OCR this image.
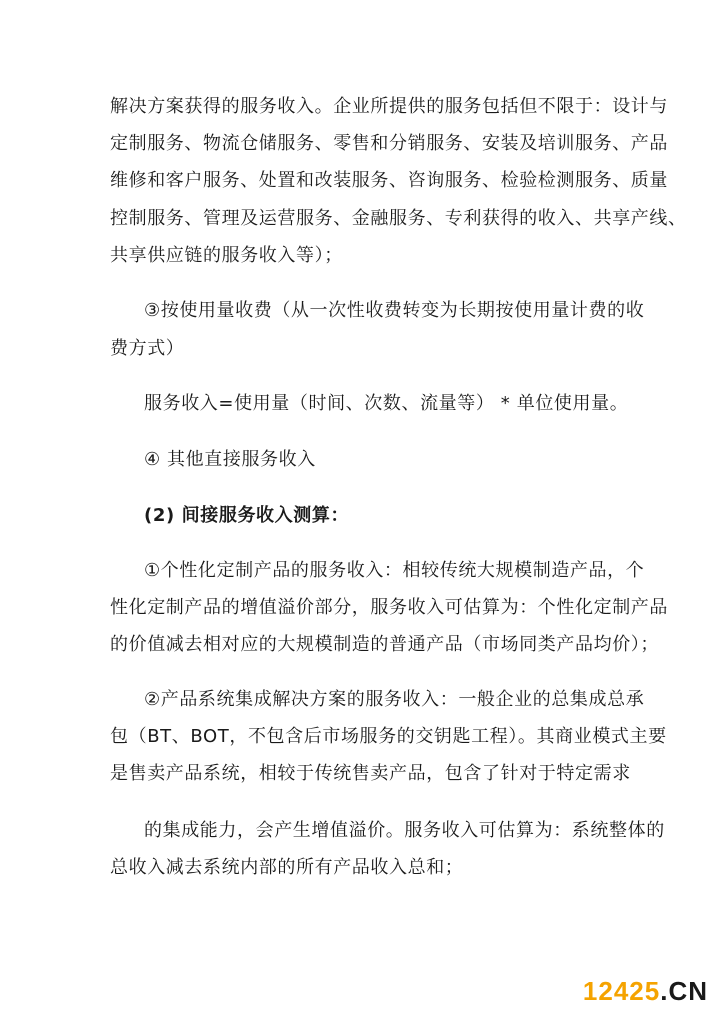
解决方案获得的服务收入。企业所提供的服务包括但不限于：设计与
定制服务、物流仓储服务、零售和分销服务、安装及培训服务、产品
维修和客户服务、处置和改装服务、咨询服务、检验检测服务、质量
控制服务、管理及运营服务、金融服务、专利获得的收入、共享产线、
共享供应链的服务收入等）；
③按使用量收费（从一次性收费转变为长期按使用量计费的收
费方式）
服务收入=使用量（时间、次数、流量等） * 单位使用量。
④ 其他直接服务收入
(2) 间接服务收入测算：
①个性化定制产品的服务收入：相较传统大规模制造产品，个
性化定制产品的增值溢价部分，服务收入可估算为：个性化定制产品
的价值减去相对应的大规模制造的普通产品（市场同类产品均价）；
②产品系统集成解决方案的服务收入：一般企业的总集成总承
包（BT、BOT，不包含后市场服务的交钥匙工程）。其商业模式主要
是售卖产品系统，相较于传统售卖产品，包含了针对于特定需求
的集成能力，会产生增值溢价。服务收入可估算为：系统整体的
总收入减去系统内部的所有产品收入总和；
12425.CN
